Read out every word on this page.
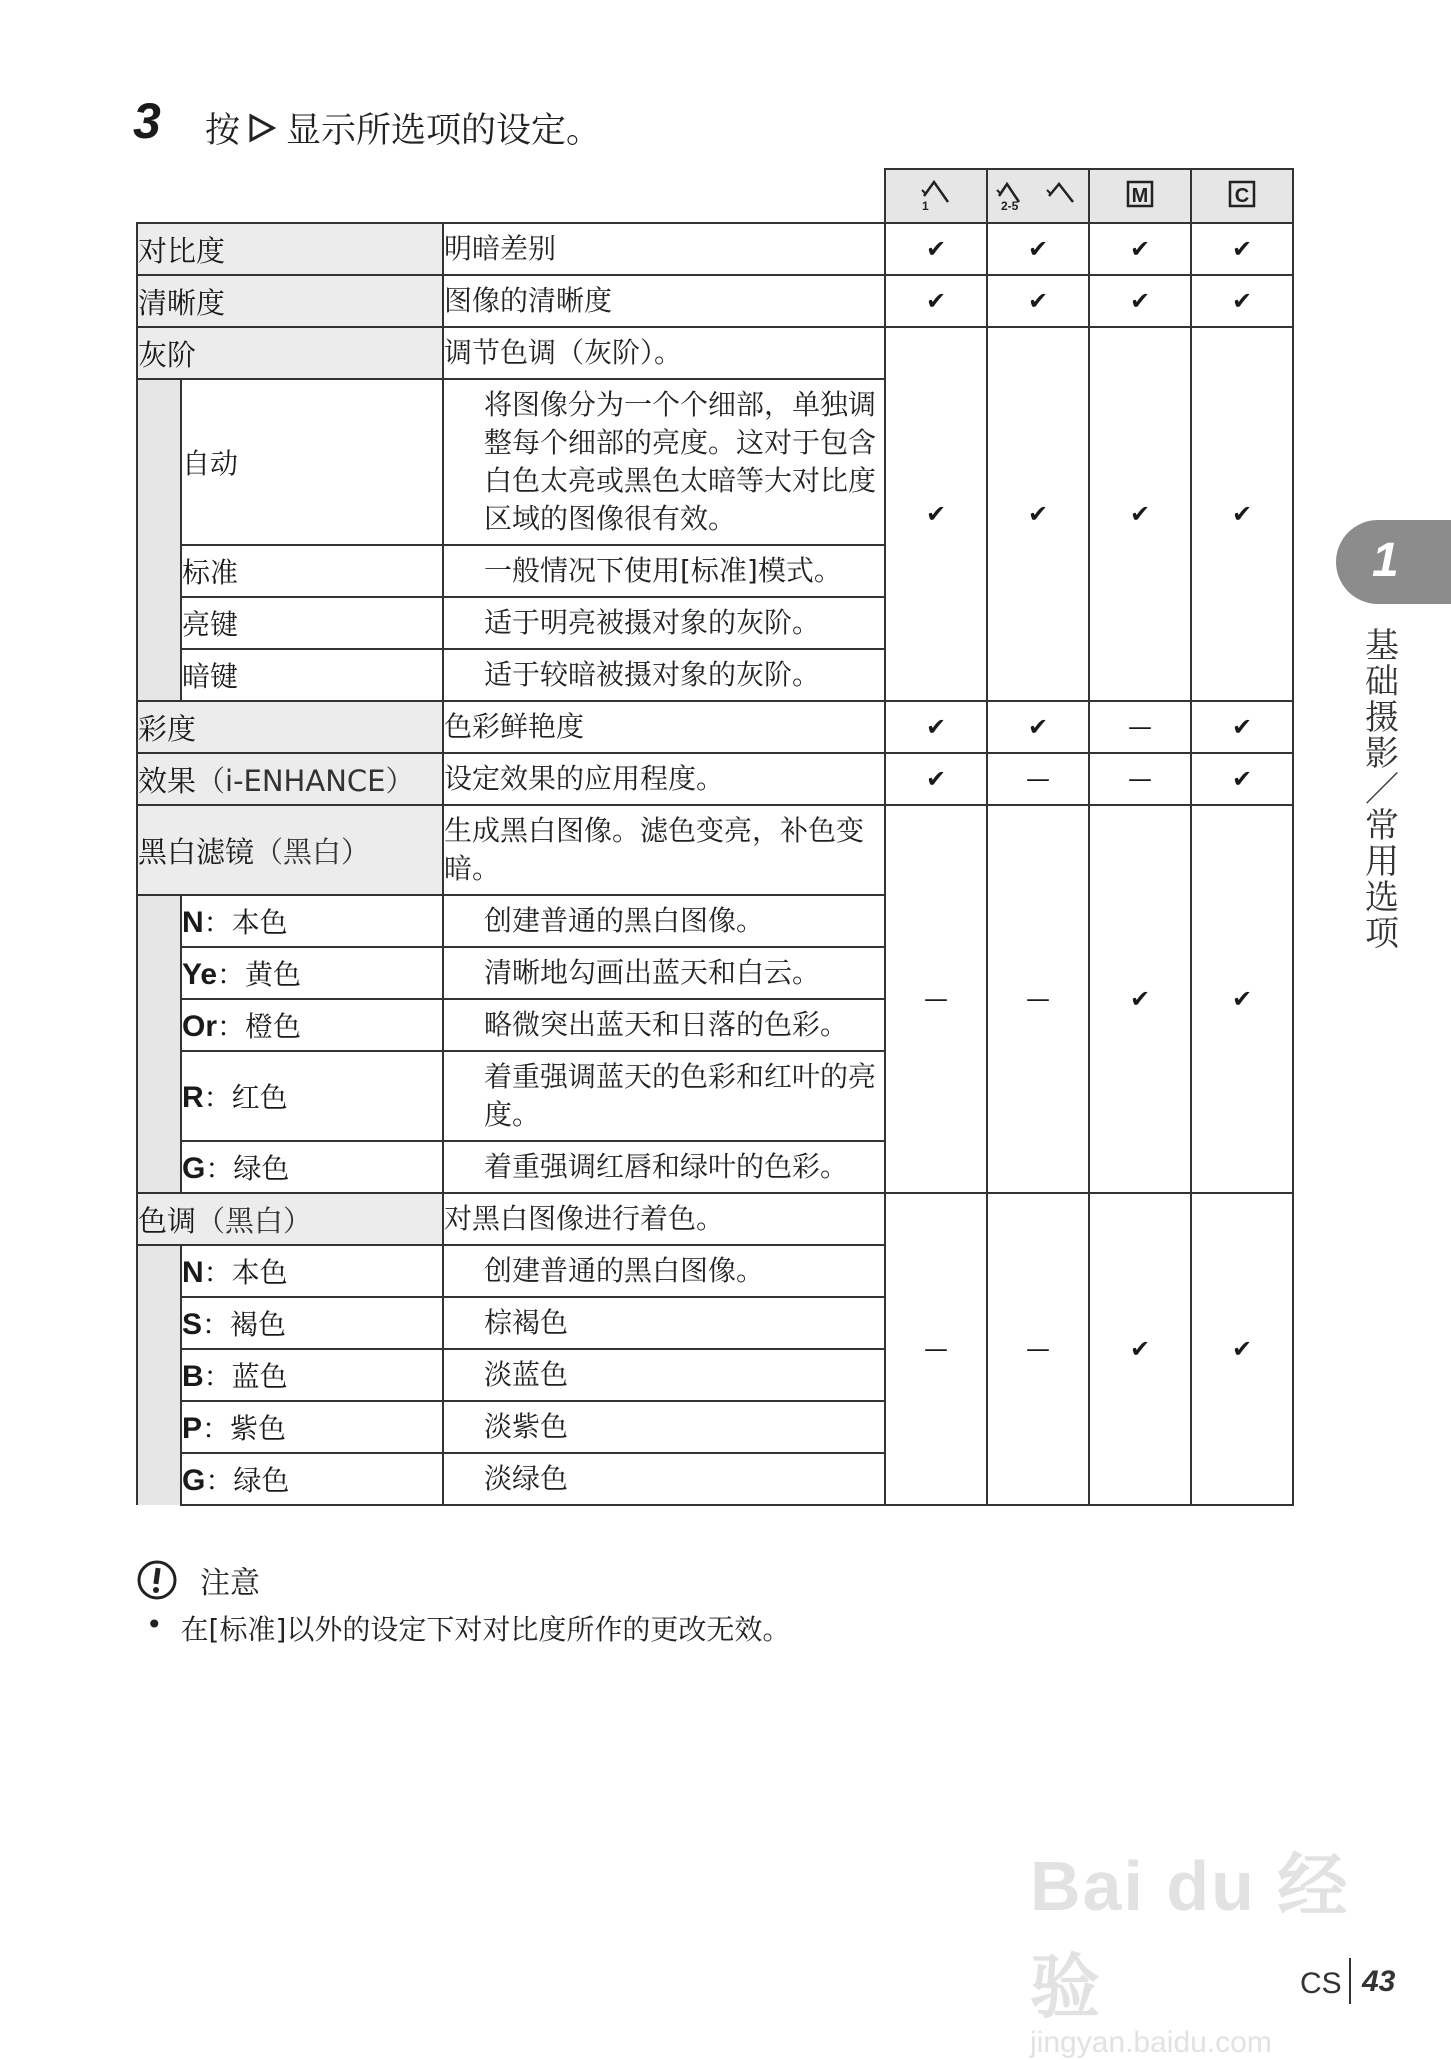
3 按 显示所选项的设定。

1	2-5	M	C

对比度		明暗差别	✔	✔	✔	✔
清晰度		图像的清晰度	✔	✔	✔	✔
灰阶		调节色调（灰阶）。	✔	✔	✔	✔
	自动	将图像分为一个个细部，单独调整每个细部的亮度。这对于包含白色太亮或黑色太暗等大对比度区域的图像很有效。				
	标准	一般情况下使用[标准]模式。				
	亮键	适于明亮被摄对象的灰阶。				
	暗键	适于较暗被摄对象的灰阶。				
彩度		色彩鲜艳度	✔	✔	—	✔
效果（i-ENHANCE）		设定效果的应用程度。	✔	—	—	✔
黑白滤镜（黑白）		生成黑白图像。滤色变亮，补色变暗。	—	—	✔	✔
	N：本色	创建普通的黑白图像。				
	Ye：黄色	清晰地勾画出蓝天和白云。				
	Or：橙色	略微突出蓝天和日落的色彩。				
	R：红色	着重强调蓝天的色彩和红叶的亮度。				
	G：绿色	着重强调红唇和绿叶的色彩。				
色调（黑白）		对黑白图像进行着色。	—	—	✔	✔
	N：本色	创建普通的黑白图像。				
	S：褐色	棕褐色				
	B：蓝色	淡蓝色				
	P：紫色	淡紫色				
	G：绿色	淡绿色				
注意
• 在[标准]以外的设定下对对比度所作的更改无效。
1
基础摄影／常用选项
Bai du 经验
jingyan.baidu.com
CS 43
